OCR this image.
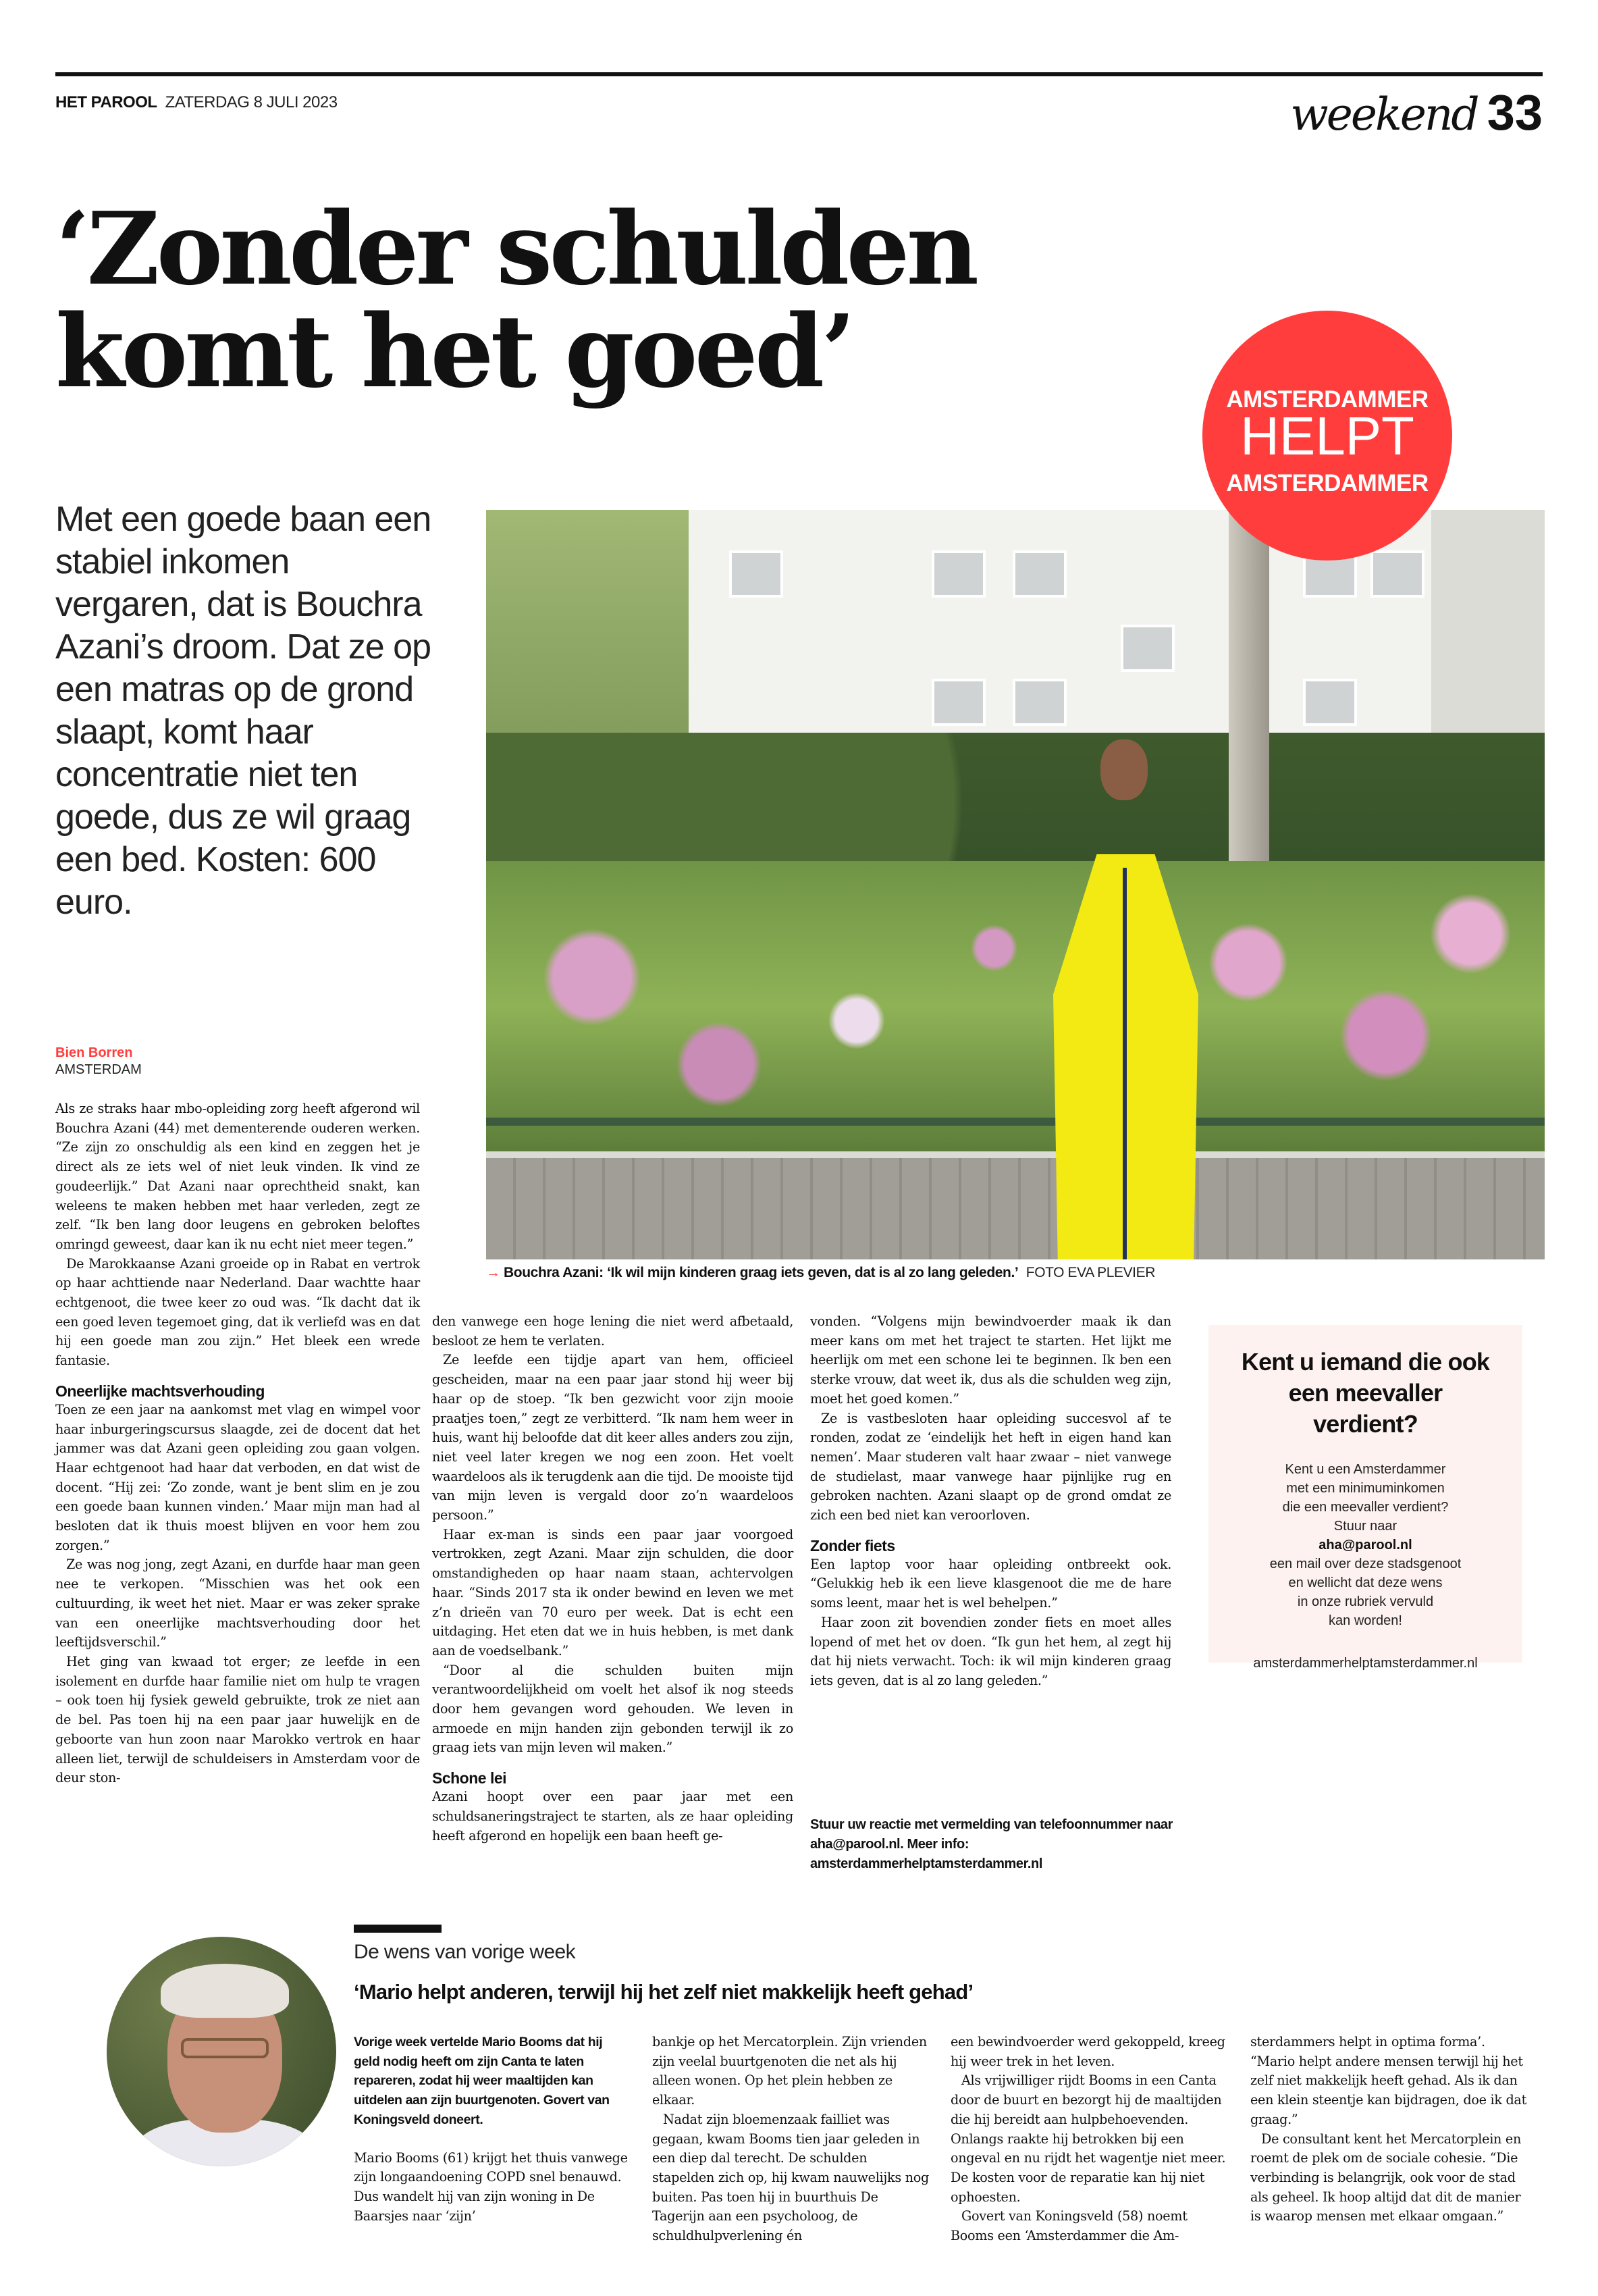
HET PAROOL ZATERDAG 8 JULI 2023	weekend 33
‘Zonder schulden
komt het goed’	AMSTERDAMMER
HELPT
AMSTERDAMMER

Met een goede baan een stabiel inkomen vergaren, dat is Bouchra Azani’s droom. Dat ze op een matras op de grond slaapt, komt haar concentratie niet ten goede, dus ze wil graag een bed. Kosten: 600 euro.

→ Bouchra Azani: ‘Ik wil mijn kinderen graag iets geven, dat is al zo lang geleden.’ FOTO EVA PLEVIER
Bien Borren
AMSTERDAM

Als ze straks haar mbo-opleiding zorg heeft afgerond wil Bouchra Azani (44) met dementerende ouderen werken. “Ze zijn zo onschuldig als een kind en zeggen het je direct als ze iets wel of niet leuk vinden. Ik vind ze goudeerlijk.” Dat Azani naar oprechtheid snakt, kan weleens te maken hebben met haar verleden, zegt ze zelf. “Ik ben lang door leugens en gebroken beloftes omringd geweest, daar kan ik nu echt niet meer tegen.”

De Marokkaanse Azani groeide op in Rabat en vertrok op haar achttiende naar Nederland. Daar wachtte haar echtgenoot, die twee keer zo oud was. “Ik dacht dat ik een goed leven tegemoet ging, dat ik verliefd was en dat hij een goede man zou zijn.” Het bleek een wrede fantasie.

Oneerlijke machtsverhouding

Toen ze een jaar na aankomst met vlag en wimpel voor haar inburgeringscursus slaagde, zei de docent dat het jammer was dat Azani geen opleiding zou gaan volgen. Haar echtgenoot had haar dat verboden, en dat wist de docent. “Hij zei: ‘Zo zonde, want je bent slim en je zou een goede baan kunnen vinden.’ Maar mijn man had al besloten dat ik thuis moest blijven en voor hem zou zorgen.”

Ze was nog jong, zegt Azani, en durfde haar man geen nee te verkopen. “Misschien was het ook een cultuurding, ik weet het niet. Maar er was zeker sprake van een oneerlijke machtsverhouding door het leeftijdsverschil.”

Het ging van kwaad tot erger; ze leefde in een isolement en durfde haar familie niet om hulp te vragen – ook toen hij fysiek geweld gebruikte, trok ze niet aan de bel. Pas toen hij na een paar jaar huwelijk en de geboorte van hun zoon naar Marokko vertrok en haar alleen liet, terwijl de schuldeisers in Amsterdam voor de deur ston-

den vanwege een hoge lening die niet werd afbetaald, besloot ze hem te verlaten.

Ze leefde een tijdje apart van hem, officieel gescheiden, maar na een paar jaar stond hij weer bij haar op de stoep. “Ik ben gezwicht voor zijn mooie praatjes toen,” zegt ze verbitterd. “Ik nam hem weer in huis, want hij beloofde dat dit keer alles anders zou zijn, niet veel later kregen we nog een zoon. Het voelt waardeloos als ik terugdenk aan die tijd. De mooiste tijd van mijn leven is vergald door zo’n waardeloos persoon.”

Haar ex-man is sinds een paar jaar voorgoed vertrokken, zegt Azani. Maar zijn schulden, die door omstandigheden op haar naam staan, achtervolgen haar. “Sinds 2017 sta ik onder bewind en leven we met z’n drieën van 70 euro per week. Dat is echt een uitdaging. Het eten dat we in huis hebben, is met dank aan de voedselbank.”

“Door al die schulden buiten mijn verantwoordelijkheid om voelt het alsof ik nog steeds door hem gevangen word gehouden. We leven in armoede en mijn handen zijn gebonden terwijl ik zo graag iets van mijn leven wil maken.”

Schone lei

Azani hoopt over een paar jaar met een schuldsaneringstraject te starten, als ze haar opleiding heeft afgerond en hopelijk een baan heeft ge-

vonden. “Volgens mijn bewindvoerder maak ik dan meer kans om met het traject te starten. Het lijkt me heerlijk om met een schone lei te beginnen. Ik ben een sterke vrouw, dat weet ik, dus als die schulden weg zijn, moet het goed komen.”

Ze is vastbesloten haar opleiding succesvol af te ronden, zodat ze ‘eindelijk het heft in eigen hand kan nemen’. Maar studeren valt haar zwaar – niet vanwege de studielast, maar vanwege haar pijnlijke rug en gebroken nachten. Azani slaapt op de grond omdat ze zich een bed niet kan veroorloven.

Zonder fiets

Een laptop voor haar opleiding ontbreekt ook. “Gelukkig heb ik een lieve klasgenoot die me de hare soms leent, maar het is wel behelpen.”

Haar zoon zit bovendien zonder fiets en moet alles lopend of met het ov doen. “Ik gun het hem, al zegt hij dat hij niets verwacht. Toch: ik wil mijn kinderen graag iets geven, dat is al zo lang geleden.”

Stuur uw reactie met vermelding van telefoonnummer naar aha@parool.nl. Meer info: amsterdammerhelptamsterdammer.nl

Kent u iemand die ook een meevaller verdient?
Kent u een Amsterdammer
met een minimuminkomen
die een meevaller verdient?
Stuur naar
aha@parool.nl
een mail over deze stadsgenoot
en wellicht dat deze wens
in onze rubriek vervuld
kan worden!
amsterdammerhelptamsterdammer.nl
De wens van vorige week
‘Mario helpt anderen, terwijl hij het zelf niet makkelijk heeft gehad’

Vorige week vertelde Mario Booms dat hij geld nodig heeft om zijn Canta te laten repareren, zodat hij weer maaltijden kan uitdelen aan zijn buurtgenoten. Govert van Koningsveld doneert.

Mario Booms (61) krijgt het thuis vanwege zijn longaandoening COPD snel benauwd. Dus wandelt hij van zijn woning in De Baarsjes naar ‘zijn’

bankje op het Mercatorplein. Zijn vrienden zijn veelal buurtgenoten die net als hij alleen wonen. Op het plein hebben ze elkaar.

Nadat zijn bloemenzaak failliet was gegaan, kwam Booms tien jaar geleden in een diep dal terecht. De schulden stapelden zich op, hij kwam nauwelijks nog buiten. Pas toen hij in buurthuis De Tagerijn aan een psycholoog, de schuldhulpverlening én

een bewindvoerder werd gekoppeld, kreeg hij weer trek in het leven.

Als vrijwilliger rijdt Booms in een Canta door de buurt en bezorgt hij de maaltijden die hij bereidt aan hulpbehoevenden. Onlangs raakte hij betrokken bij een ongeval en nu rijdt het wagentje niet meer. De kosten voor de reparatie kan hij niet ophoesten.

Govert van Koningsveld (58) noemt Booms een ‘Amsterdammer die Am-

sterdammers helpt in optima forma’. “Mario helpt andere mensen terwijl hij het zelf niet makkelijk heeft gehad. Als ik dan een klein steentje kan bijdragen, doe ik dat graag.”

De consultant kent het Mercatorplein en roemt de plek om de sociale cohesie. “Die verbinding is belangrijk, ook voor de stad als geheel. Ik hoop altijd dat dit de manier is waarop mensen met elkaar omgaan.”
